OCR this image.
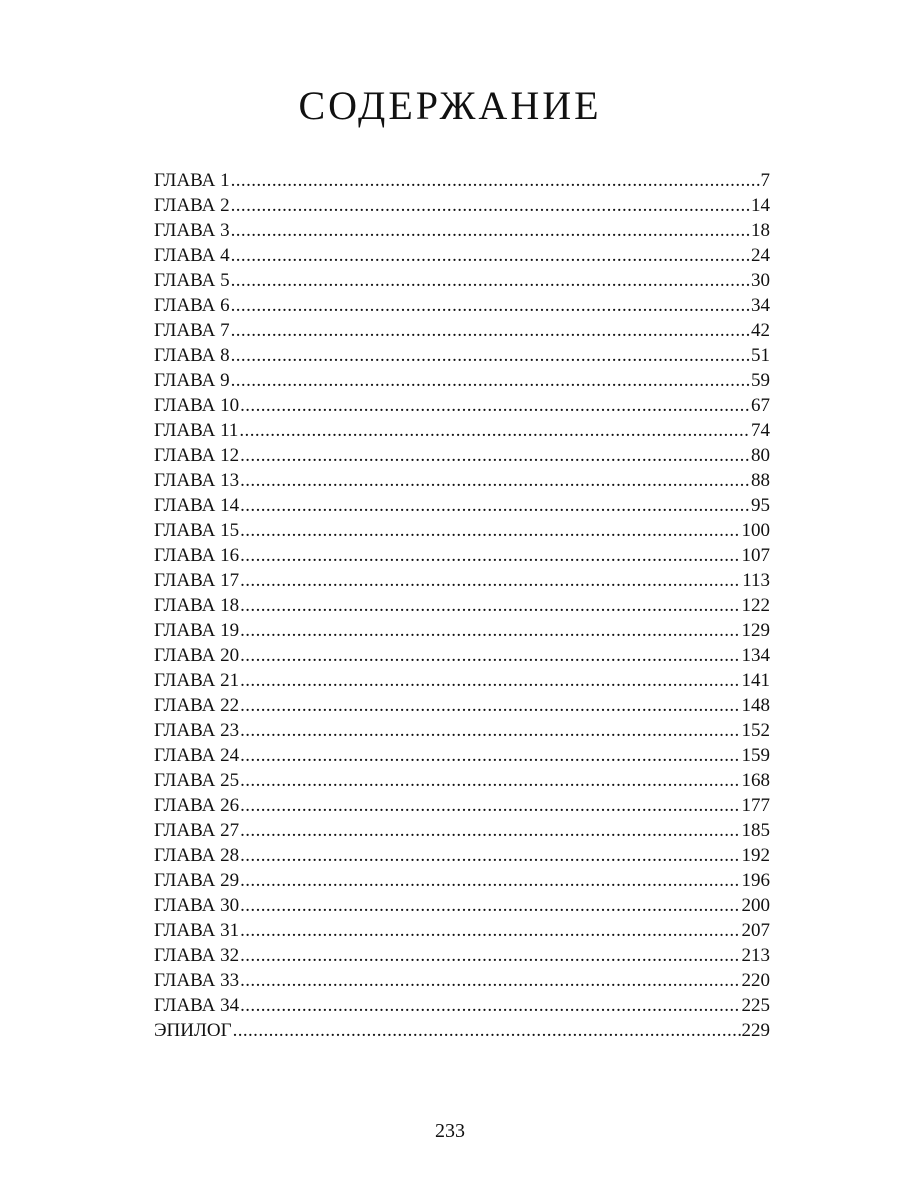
СОДЕРЖАНИЕ
ГЛАВА 1 .....	7
ГЛАВА 2 .....	14
ГЛАВА 3 .....	18
ГЛАВА 4 .....	24
ГЛАВА 5 .....	30
ГЛАВА 6 .....	34
ГЛАВА 7 .....	42
ГЛАВА 8 .....	51
ГЛАВА 9 .....	59
ГЛАВА 10 .....	67
ГЛАВА 11 .....	74
ГЛАВА 12 .....	80
ГЛАВА 13 .....	88
ГЛАВА 14 .....	95
ГЛАВА 15 .....	100
ГЛАВА 16 .....	107
ГЛАВА 17 .....	113
ГЛАВА 18 .....	122
ГЛАВА 19 .....	129
ГЛАВА 20 .....	134
ГЛАВА 21 .....	141
ГЛАВА 22 .....	148
ГЛАВА 23 .....	152
ГЛАВА 24 .....	159
ГЛАВА 25 .....	168
ГЛАВА 26 .....	177
ГЛАВА 27 .....	185
ГЛАВА 28 .....	192
ГЛАВА 29 .....	196
ГЛАВА 30 .....	200
ГЛАВА 31 .....	207
ГЛАВА 32 .....	213
ГЛАВА 33 .....	220
ГЛАВА 34 .....	225
ЭПИЛОГ .....	229
233
